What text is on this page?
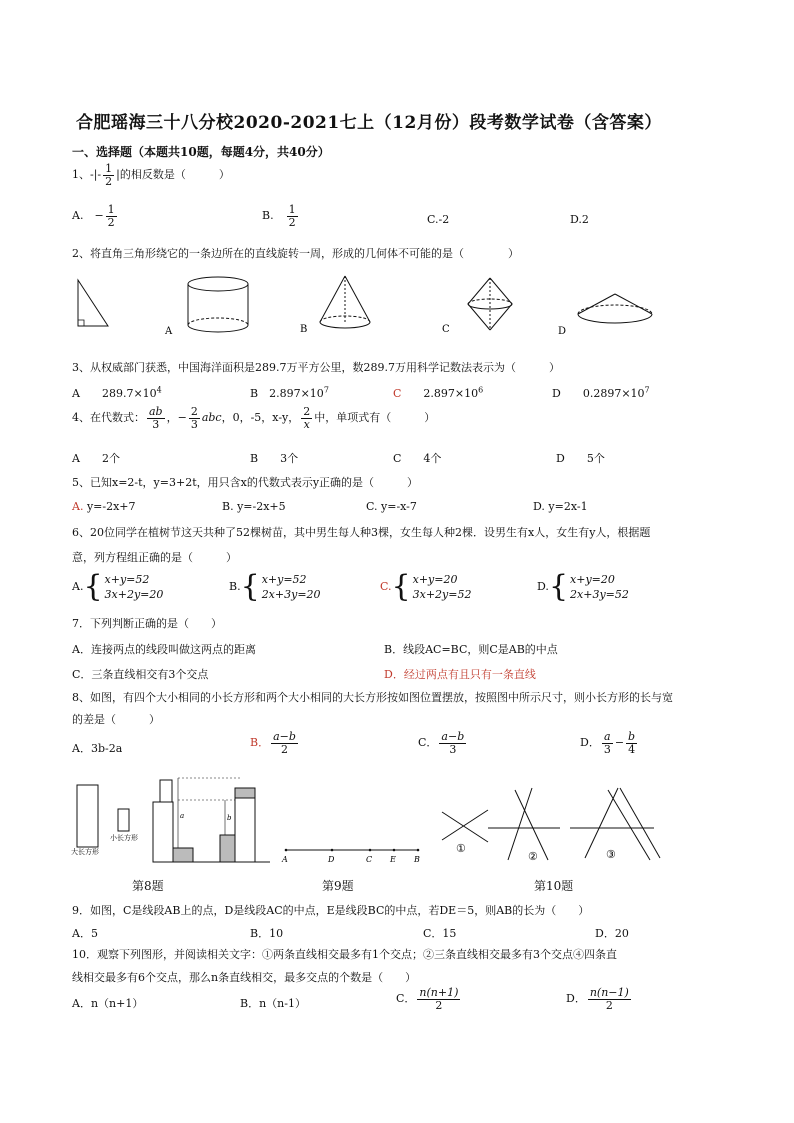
合肥瑶海三十八分校2020-2021七上（12月份）段考数学试卷（含答案）
一、选择题（本题共10题，每题4分，共40分）
1、-|- $\frac{1}{2}$ |的相反数是（　　　）
A.　 − $\frac{1}{2}$	B.　 $\frac{1}{2}$	C.-2	D.2
2、将直角三角形绕它的一条边所在的直线旋转一周，形成的几何体不可能的是（　　　　）
A	B	C	D
3、从权威部门获悉，中国海洋面积是289.7万平方公里，数289.7万用科学记数法表示为（　　　）
A　　 $289.7\times 10^4$	B　 $2.897\times 10^7$	C　　 $2.897\times 10^6$	D　　 $0.2897\times 10^7$
4、在代数式： $\frac{ab}{3}$ ，− $\frac{2}{3}$ abc，0，-5，x-y， $\frac{2}{x}$ 中，单项式有（　　　）
A　　2个	B　　3个	C　　4个	D　　5个
5、已知x=2-t，y=3+2t，用只含x的代数式表示y正确的是（　　　）
A. y=-2x+7	B. y=-2x+5	C. y=-x-7	D. y=2x-1
6、20位同学在植树节这天共种了52棵树苗，其中男生每人种3棵，女生每人种2棵．设男生有x人，女生有y人，根据题
意，列方程组正确的是（　　　）
A.{ x+y=52
3x+2y=20
B.{ x+y=52
2x+3y=20
C.{ x+y=20
3x+2y=52
D.{ x+y=20
2x+3y=52
7．下列判断正确的是（　　）
A．连接两点的线段叫做这两点的距离	B．线段AC=BC，则C是AB的中点
C．三条直线相交有3个交点	D．经过两点有且只有一条直线
8、如图，有四个大小相同的小长方形和两个大小相同的大长方形按如图位置摆放，按照图中所示尺寸，则小长方形的长与宽
的差是（　　　）
A．3b-2a	B． $\frac{a-b}{2}$	C． $\frac{a-b}{3}$	D． $\frac{a}{3} - \frac{b}{4}$
大长方形
小长方形
a	b
A	D	C E B
①
②	③
第8题	第9题	第10题
9．如图，C是线段AB上的点，D是线段AC的中点，E是线段BC的中点，若DE＝5，则AB的长为（　　）
A．5	B．10	C．15	D．20
10．观察下列图形，并阅读相关文字：①两条直线相交最多有1个交点；②三条直线相交最多有3个交点④四条直
线相交最多有6个交点，那么n条直线相交，最多交点的个数是（　　）
A．n（n+1）	B．n（n-1）	C． $\frac{n(n+1)}{2}$	D． $\frac{n(n-1)}{2}$
